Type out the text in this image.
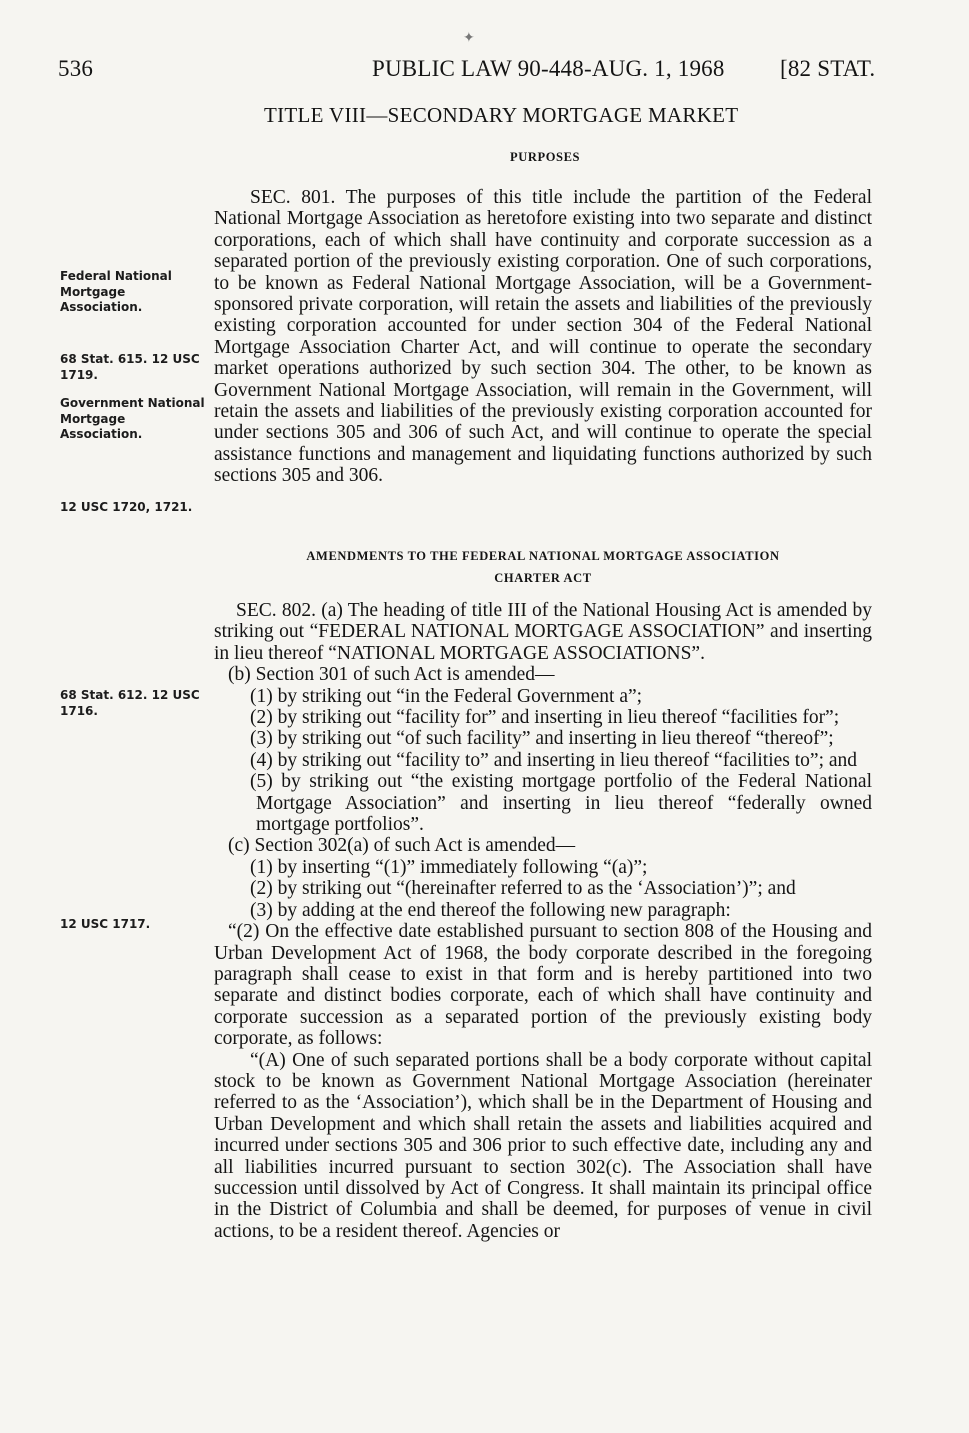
✦
536	PUBLIC LAW 90-448-AUG. 1, 1968 [82 STAT.
TITLE VIII—SECONDARY MORTGAGE MARKET
PURPOSES

SEC. 801. The purposes of this title include the partition of the Federal National Mortgage Association as heretofore existing into two separate and distinct corporations, each of which shall have continuity and corporate succession as a separated portion of the previously existing corporation. One of such corporations, to be known as Federal National Mortgage Association, will be a Government-sponsored private corporation, will retain the assets and liabilities of the previously existing corporation accounted for under section 304 of the Federal National Mortgage Association Charter Act, and will continue to operate the secondary market operations authorized by such section 304. The other, to be known as Government National Mortgage Association, will remain in the Government, will retain the assets and liabilities of the previously existing corporation accounted for under sections 305 and 306 of such Act, and will continue to operate the special assistance functions and management and liquidating functions authorized by such sections 305 and 306.

AMENDMENTS TO THE FEDERAL NATIONAL MORTGAGE ASSOCIATION
CHARTER ACT

SEC. 802. (a) The heading of title III of the National Housing Act is amended by striking out “FEDERAL NATIONAL MORTGAGE ASSOCIATION” and inserting in lieu thereof “NATIONAL MORTGAGE ASSOCIATIONS”.

(b) Section 301 of such Act is amended—

(1) by striking out “in the Federal Government a”;

(2) by striking out “facility for” and inserting in lieu thereof “facilities for”;

(3) by striking out “of such facility” and inserting in lieu thereof “thereof”;

(4) by striking out “facility to” and inserting in lieu thereof “facilities to”; and

(5) by striking out “the existing mortgage portfolio of the Federal National Mortgage Association” and inserting in lieu thereof “federally owned mortgage portfolios”.

(c) Section 302(a) of such Act is amended—

(1) by inserting “(1)” immediately following “(a)”;

(2) by striking out “(hereinafter referred to as the ‘Association’)”; and

(3) by adding at the end thereof the following new paragraph:

“(2) On the effective date established pursuant to section 808 of the Housing and Urban Development Act of 1968, the body corporate described in the foregoing paragraph shall cease to exist in that form and is hereby partitioned into two separate and distinct bodies corporate, each of which shall have continuity and corporate succession as a separated portion of the previously existing body corporate, as follows:

“(A) One of such separated portions shall be a body corporate without capital stock to be known as Government National Mortgage Association (hereinater referred to as the ‘Association’), which shall be in the Department of Housing and Urban Development and which shall retain the assets and liabilities acquired and incurred under sections 305 and 306 prior to such effective date, including any and all liabilities incurred pursuant to section 302(c). The Association shall have succession until dissolved by Act of Congress. It shall maintain its principal office in the District of Columbia and shall be deemed, for purposes of venue in civil actions, to be a resident thereof. Agencies or

Federal National Mortgage Association.
68 Stat. 615. 12 USC 1719.
Government National Mortgage Association.
12 USC 1720, 1721.
68 Stat. 612. 12 USC 1716.
12 USC 1717.
